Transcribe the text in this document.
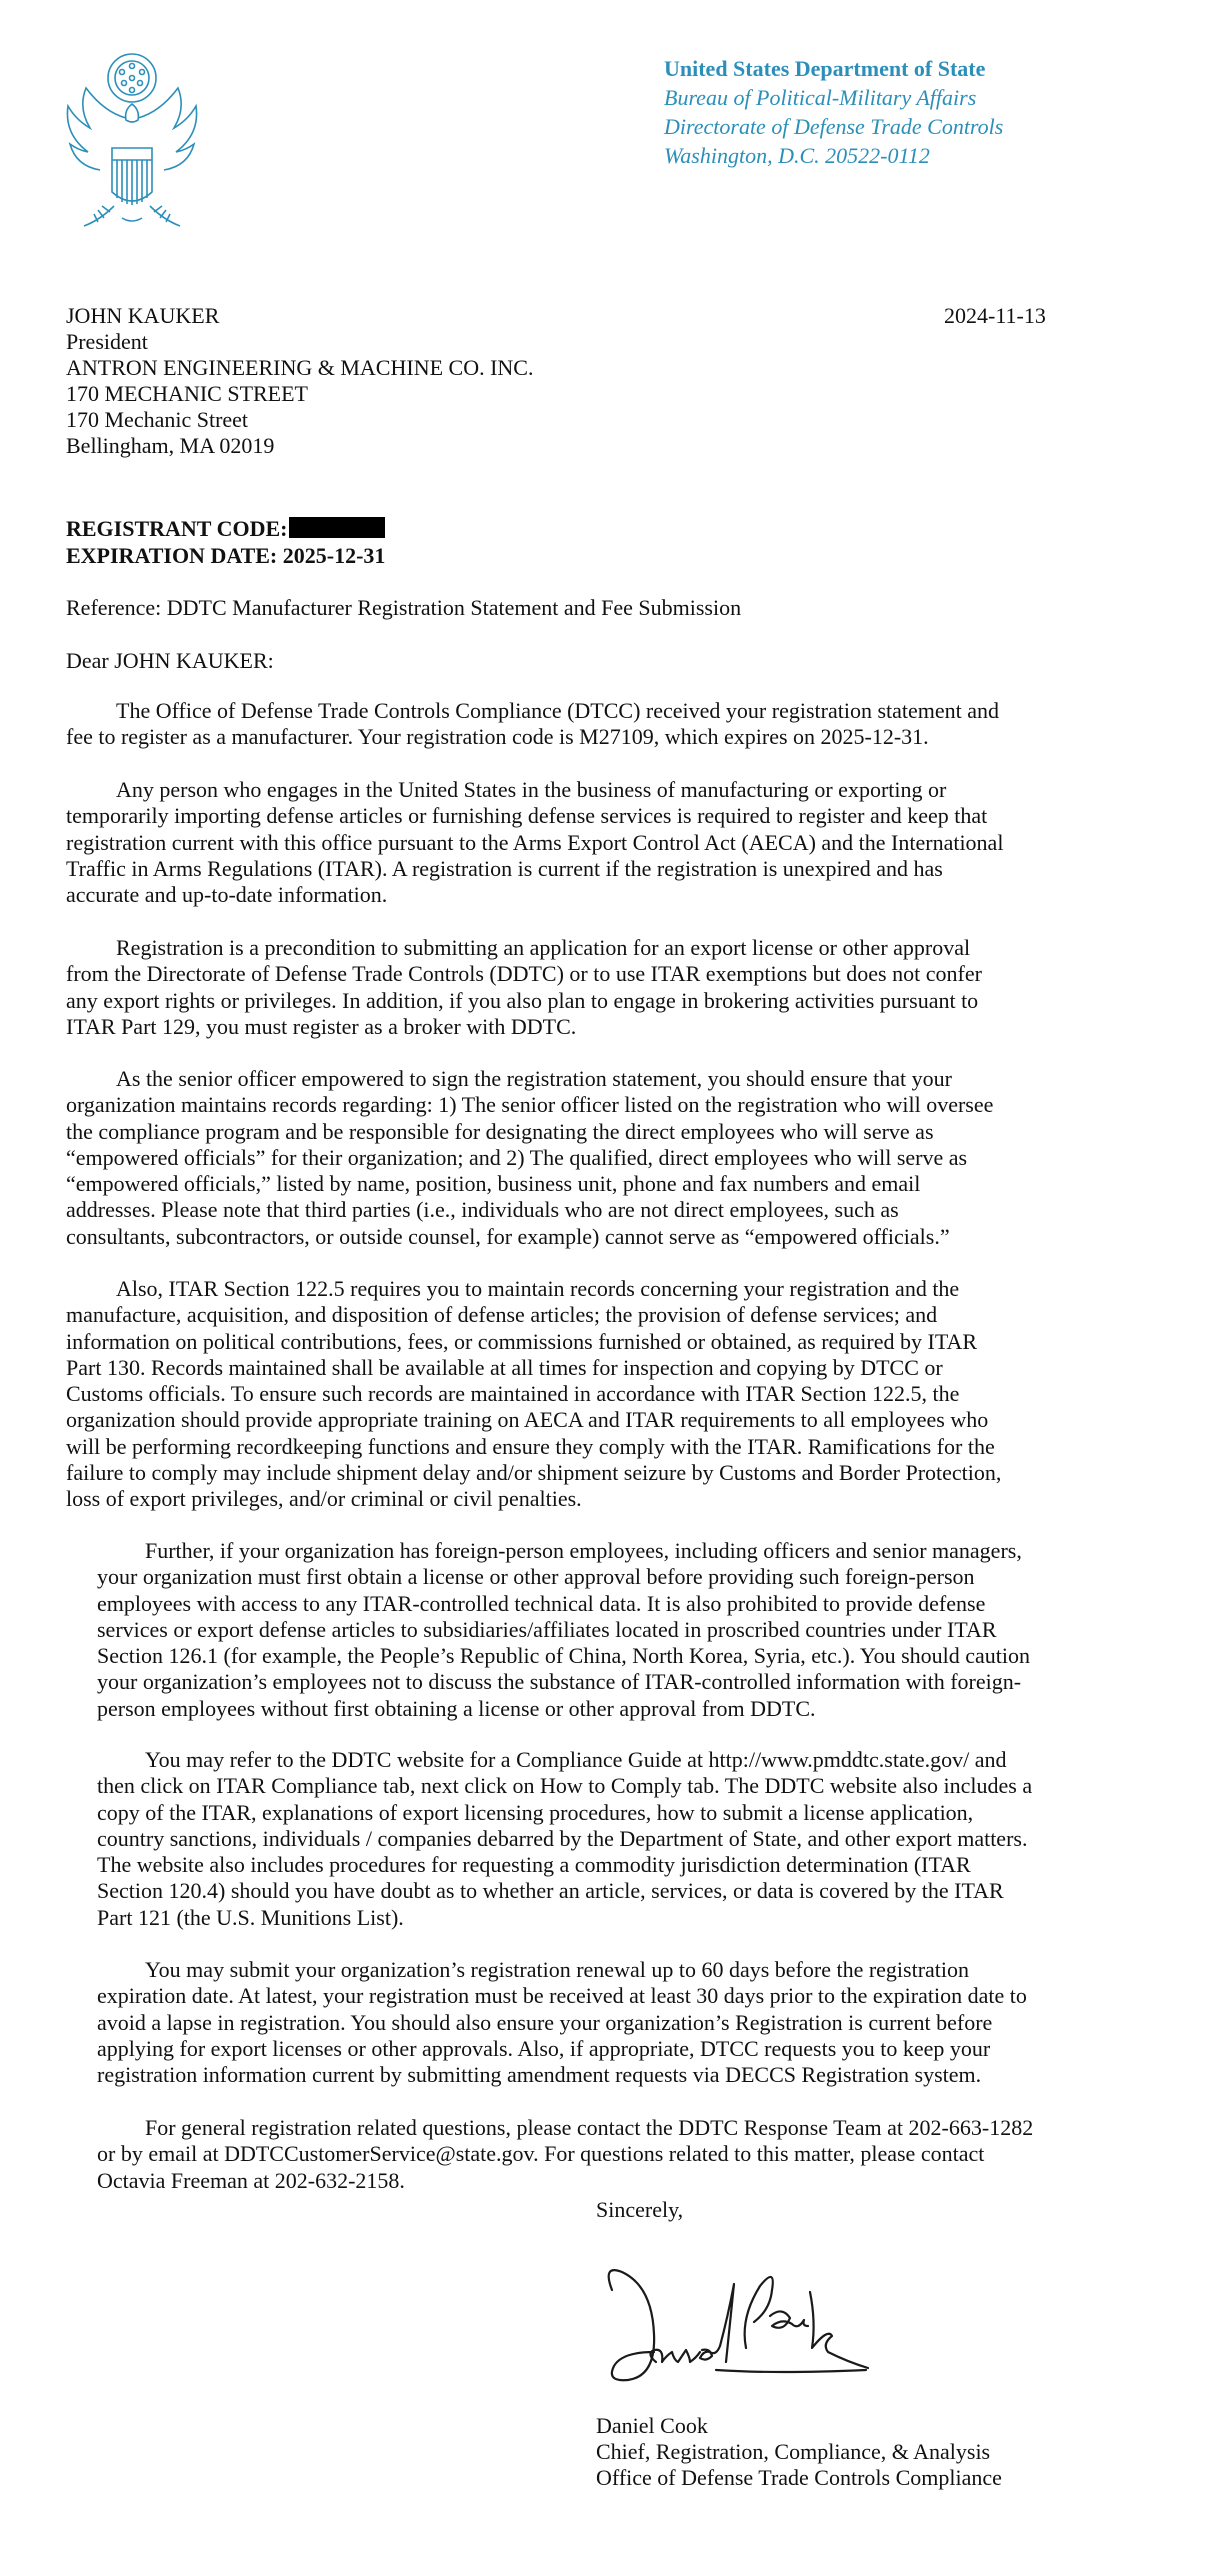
United States Department of State
Bureau of Political-Military Affairs
Directorate of Defense Trade Controls
Washington, D.C. 20522-0112
JOHN KAUKER
President
ANTRON ENGINEERING & MACHINE CO. INC.
170 MECHANIC STREET
170 Mechanic Street
Bellingham, MA 02019
2024-11-13
REGISTRANT CODE:
EXPIRATION DATE: 2025-12-31
Reference: DDTC Manufacturer Registration Statement and Fee Submission
Dear JOHN KAUKER:
The Office of Defense Trade Controls Compliance (DTCC) received your registration statement and
fee to register as a manufacturer. Your registration code is M27109, which expires on 2025-12-31.
Any person who engages in the United States in the business of manufacturing or exporting or
temporarily importing defense articles or furnishing defense services is required to register and keep that
registration current with this office pursuant to the Arms Export Control Act (AECA) and the International
Traffic in Arms Regulations (ITAR). A registration is current if the registration is unexpired and has
accurate and up-to-date information.
Registration is a precondition to submitting an application for an export license or other approval
from the Directorate of Defense Trade Controls (DDTC) or to use ITAR exemptions but does not confer
any export rights or privileges. In addition, if you also plan to engage in brokering activities pursuant to
ITAR Part 129, you must register as a broker with DDTC.
As the senior officer empowered to sign the registration statement, you should ensure that your
organization maintains records regarding: 1) The senior officer listed on the registration who will oversee
the compliance program and be responsible for designating the direct employees who will serve as
“empowered officials” for their organization; and 2) The qualified, direct employees who will serve as
“empowered officials,” listed by name, position, business unit, phone and fax numbers and email
addresses. Please note that third parties (i.e., individuals who are not direct employees, such as
consultants, subcontractors, or outside counsel, for example) cannot serve as “empowered officials.”
Also, ITAR Section 122.5 requires you to maintain records concerning your registration and the
manufacture, acquisition, and disposition of defense articles; the provision of defense services; and
information on political contributions, fees, or commissions furnished or obtained, as required by ITAR
Part 130. Records maintained shall be available at all times for inspection and copying by DTCC or
Customs officials. To ensure such records are maintained in accordance with ITAR Section 122.5, the
organization should provide appropriate training on AECA and ITAR requirements to all employees who
will be performing recordkeeping functions and ensure they comply with the ITAR. Ramifications for the
failure to comply may include shipment delay and/or shipment seizure by Customs and Border Protection,
loss of export privileges, and/or criminal or civil penalties.
Further, if your organization has foreign-person employees, including officers and senior managers,
your organization must first obtain a license or other approval before providing such foreign-person
employees with access to any ITAR-controlled technical data. It is also prohibited to provide defense
services or export defense articles to subsidiaries/affiliates located in proscribed countries under ITAR
Section 126.1 (for example, the People’s Republic of China, North Korea, Syria, etc.). You should caution
your organization’s employees not to discuss the substance of ITAR-controlled information with foreign-
person employees without first obtaining a license or other approval from DDTC.
You may refer to the DDTC website for a Compliance Guide at http://www.pmddtc.state.gov/ and
then click on ITAR Compliance tab, next click on How to Comply tab. The DDTC website also includes a
copy of the ITAR, explanations of export licensing procedures, how to submit a license application,
country sanctions, individuals / companies debarred by the Department of State, and other export matters.
The website also includes procedures for requesting a commodity jurisdiction determination (ITAR
Section 120.4) should you have doubt as to whether an article, services, or data is covered by the ITAR
Part 121 (the U.S. Munitions List).
You may submit your organization’s registration renewal up to 60 days before the registration
expiration date. At latest, your registration must be received at least 30 days prior to the expiration date to
avoid a lapse in registration. You should also ensure your organization’s Registration is current before
applying for export licenses or other approvals. Also, if appropriate, DTCC requests you to keep your
registration information current by submitting amendment requests via DECCS Registration system.
For general registration related questions, please contact the DDTC Response Team at 202-663-1282
or by email at DDTCCustomerService@state.gov. For questions related to this matter, please contact
Octavia Freeman at 202-632-2158.
Sincerely,
Daniel Cook
Chief, Registration, Compliance, & Analysis
Office of Defense Trade Controls Compliance
